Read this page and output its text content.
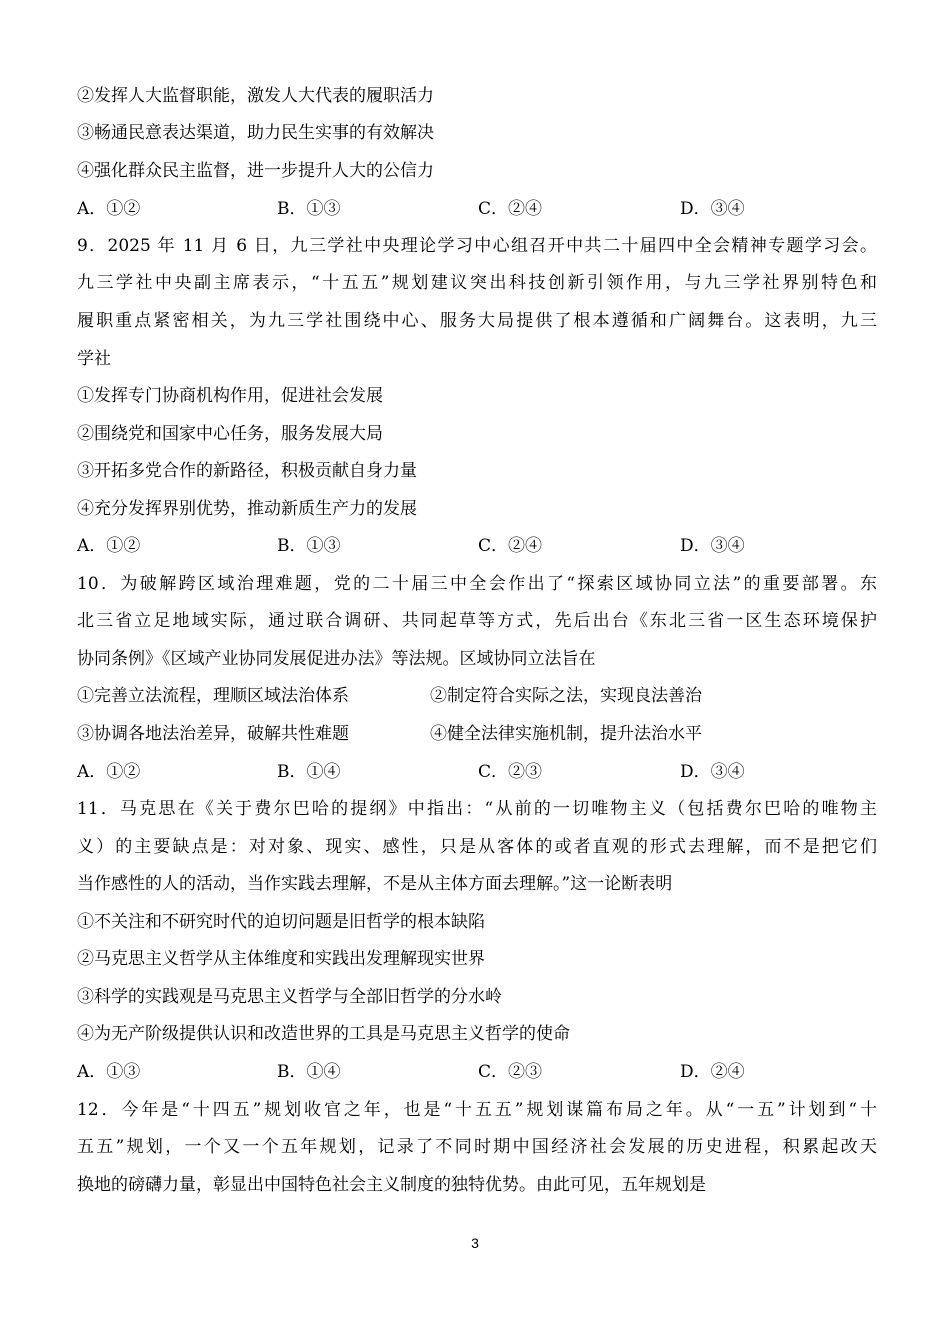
②发挥人大监督职能，激发人大代表的履职活力
③畅通民意表达渠道，助力民生实事的有效解决
④强化群众民主监督，进一步提升人大的公信力
A．①②	B．①③	C．②④	D．③④
9．2025 年 11 月 6 日，九三学社中央理论学习中心组召开中共二十届四中全会精神专题学习会。
九三学社中央副主席表示，“十五五”规划建议突出科技创新引领作用，与九三学社界别特色和
履职重点紧密相关，为九三学社围绕中心、服务大局提供了根本遵循和广阔舞台。这表明，九三
学社
①发挥专门协商机构作用，促进社会发展
②围绕党和国家中心任务，服务发展大局
③开拓多党合作的新路径，积极贡献自身力量
④充分发挥界别优势，推动新质生产力的发展
A．①②	B．①③	C．②④	D．③④
10．为破解跨区域治理难题，党的二十届三中全会作出了“探索区域协同立法”的重要部署。东
北三省立足地域实际，通过联合调研、共同起草等方式，先后出台《东北三省一区生态环境保护
协同条例》《区域产业协同发展促进办法》等法规。区域协同立法旨在
①完善立法流程，理顺区域法治体系	②制定符合实际之法，实现良法善治
③协调各地法治差异，破解共性难题	④健全法律实施机制，提升法治水平
A．①②	B．①④	C．②③	D．③④
11．马克思在《关于费尔巴哈的提纲》中指出：“从前的一切唯物主义（包括费尔巴哈的唯物主
义）的主要缺点是：对对象、现实、感性，只是从客体的或者直观的形式去理解，而不是把它们
当作感性的人的活动，当作实践去理解，不是从主体方面去理解。”这一论断表明
①不关注和不研究时代的迫切问题是旧哲学的根本缺陷
②马克思主义哲学从主体维度和实践出发理解现实世界
③科学的实践观是马克思主义哲学与全部旧哲学的分水岭
④为无产阶级提供认识和改造世界的工具是马克思主义哲学的使命
A．①③	B．①④	C．②③	D．②④
12．今年是“十四五”规划收官之年，也是“十五五”规划谋篇布局之年。从“一五”计划到“十
五五”规划，一个又一个五年规划，记录了不同时期中国经济社会发展的历史进程，积累起改天
换地的磅礴力量，彰显出中国特色社会主义制度的独特优势。由此可见，五年规划是
3
